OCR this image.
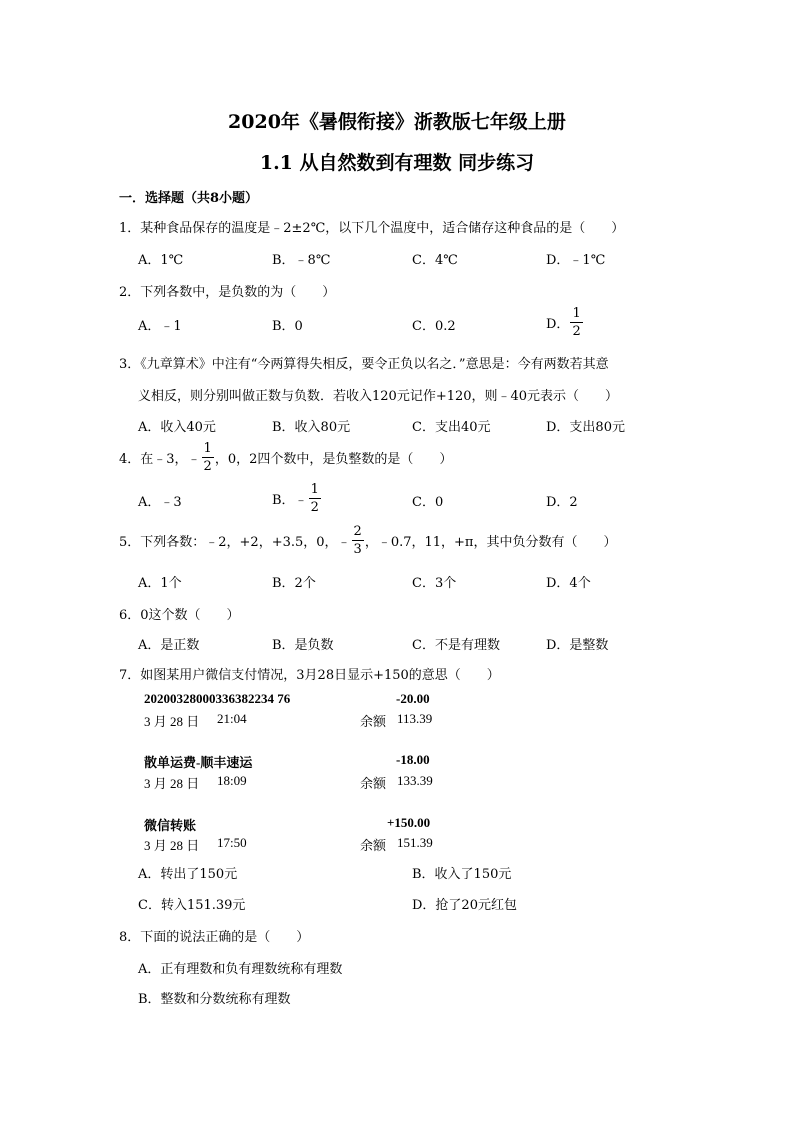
2020年《暑假衔接》浙教版七年级上册
1.1 从自然数到有理数 同步练习
一．选择题（共8小题）
1．某种食品保存的温度是﹣2±2℃，以下几个温度中，适合储存这种食品的是（　　）
A．1℃	B．﹣8℃	C．4℃	D．﹣1℃
2．下列各数中，是负数的为（　　）
A．﹣1	B．0	C．0.2	D． $\frac{1}{2}$
3．《九章算术》中注有“今两算得失相反，要令正负以名之．”意思是：今有两数若其意
义相反，则分别叫做正数与负数．若收入120元记作+120，则﹣40元表示（　　）
A．收入40元	B．收入80元	C．支出40元	D．支出80元
4．在﹣3，﹣ $\frac{1}{2}$ ，0，2四个数中，是负整数的是（　　）
A．﹣3	B．﹣ $\frac{1}{2}$	C．0	D．2
5．下列各数：﹣2，+2，+3.5，0，﹣ $\frac{2}{3}$ ，﹣0.7，11，+π，其中负分数有（　　）
A．1个	B．2个	C．3个	D．4个
6．0这个数（　　）
A．是正数	B．是负数	C．不是有理数	D．是整数
7．如图某用户微信支付情况，3月28日显示+150的意思（　　）
20200328000336382234 76	-20.00
3 月 28 日 21:04	余额 113.39
散单运费-顺丰速运	-18.00
3 月 28 日 18:09	余额 133.39
微信转账	+150.00
3 月 28 日 17:50	余额 151.39
A．转出了150元	B．收入了150元
C．转入151.39元	D．抢了20元红包
8．下面的说法正确的是（　　）
A．正有理数和负有理数统称有理数
B．整数和分数统称有理数
